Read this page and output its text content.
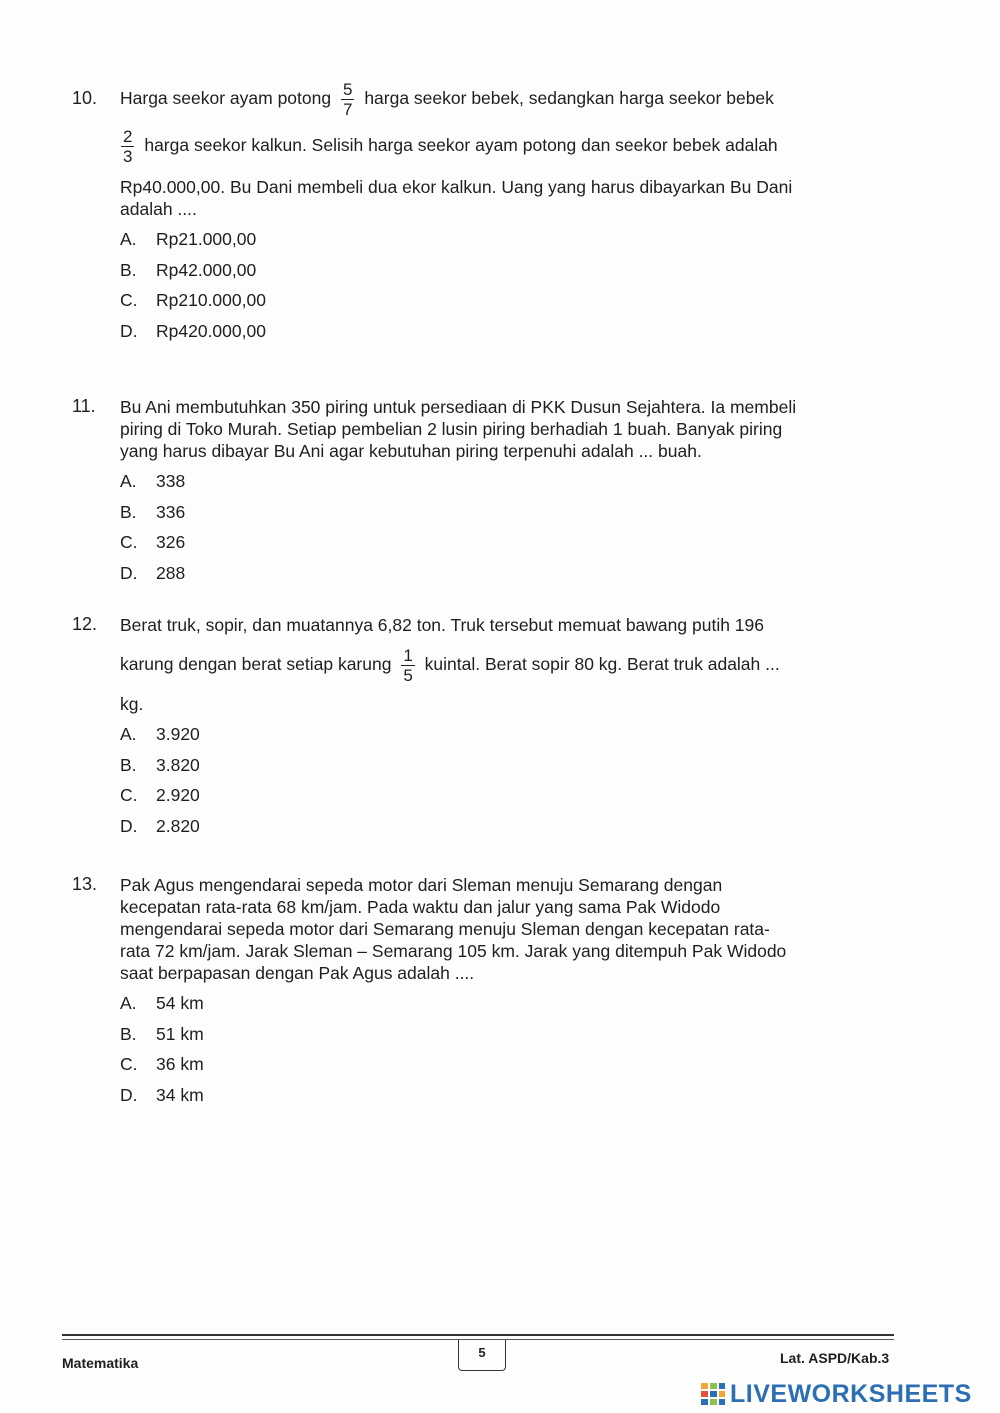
10. Harga seekor ayam potong $\frac{5}{7}$ harga seekor bebek, sedangkan harga seekor bebek
$\frac{2}{3}$ harga seekor kalkun. Selisih harga seekor ayam potong dan seekor bebek adalah
Rp40.000,00. Bu Dani membeli dua ekor kalkun. Uang yang harus dibayarkan Bu Dani
adalah ....
A.	Rp21.000,00
B.	Rp42.000,00
C.	Rp210.000,00
D.	Rp420.000,00
11. Bu Ani membutuhkan 350 piring untuk persediaan di PKK Dusun Sejahtera. Ia membeli
piring di Toko Murah. Setiap pembelian 2 lusin piring berhadiah 1 buah. Banyak piring
yang harus dibayar Bu Ani agar kebutuhan piring terpenuhi adalah ... buah.
A.	338
B.	336
C.	326
D.	288
12. Berat truk, sopir, dan muatannya 6,82 ton. Truk tersebut memuat bawang putih 196
karung dengan berat setiap karung $\frac{1}{5}$ kuintal. Berat sopir 80 kg. Berat truk adalah ...
kg.
A.	3.920
B.	3.820
C.	2.920
D.	2.820
13. Pak Agus mengendarai sepeda motor dari Sleman menuju Semarang dengan
kecepatan rata-rata 68 km/jam. Pada waktu dan jalur yang sama Pak Widodo
mengendarai sepeda motor dari Semarang menuju Sleman dengan kecepatan rata-
rata 72 km/jam. Jarak Sleman – Semarang 105 km. Jarak yang ditempuh Pak Widodo
saat berpapasan dengan Pak Agus adalah ....
A.	54 km
B.	51 km
C.	36 km
D.	34 km
Matematika
5	Lat. ASPD/Kab.3
LIVEWORKSHEETS
